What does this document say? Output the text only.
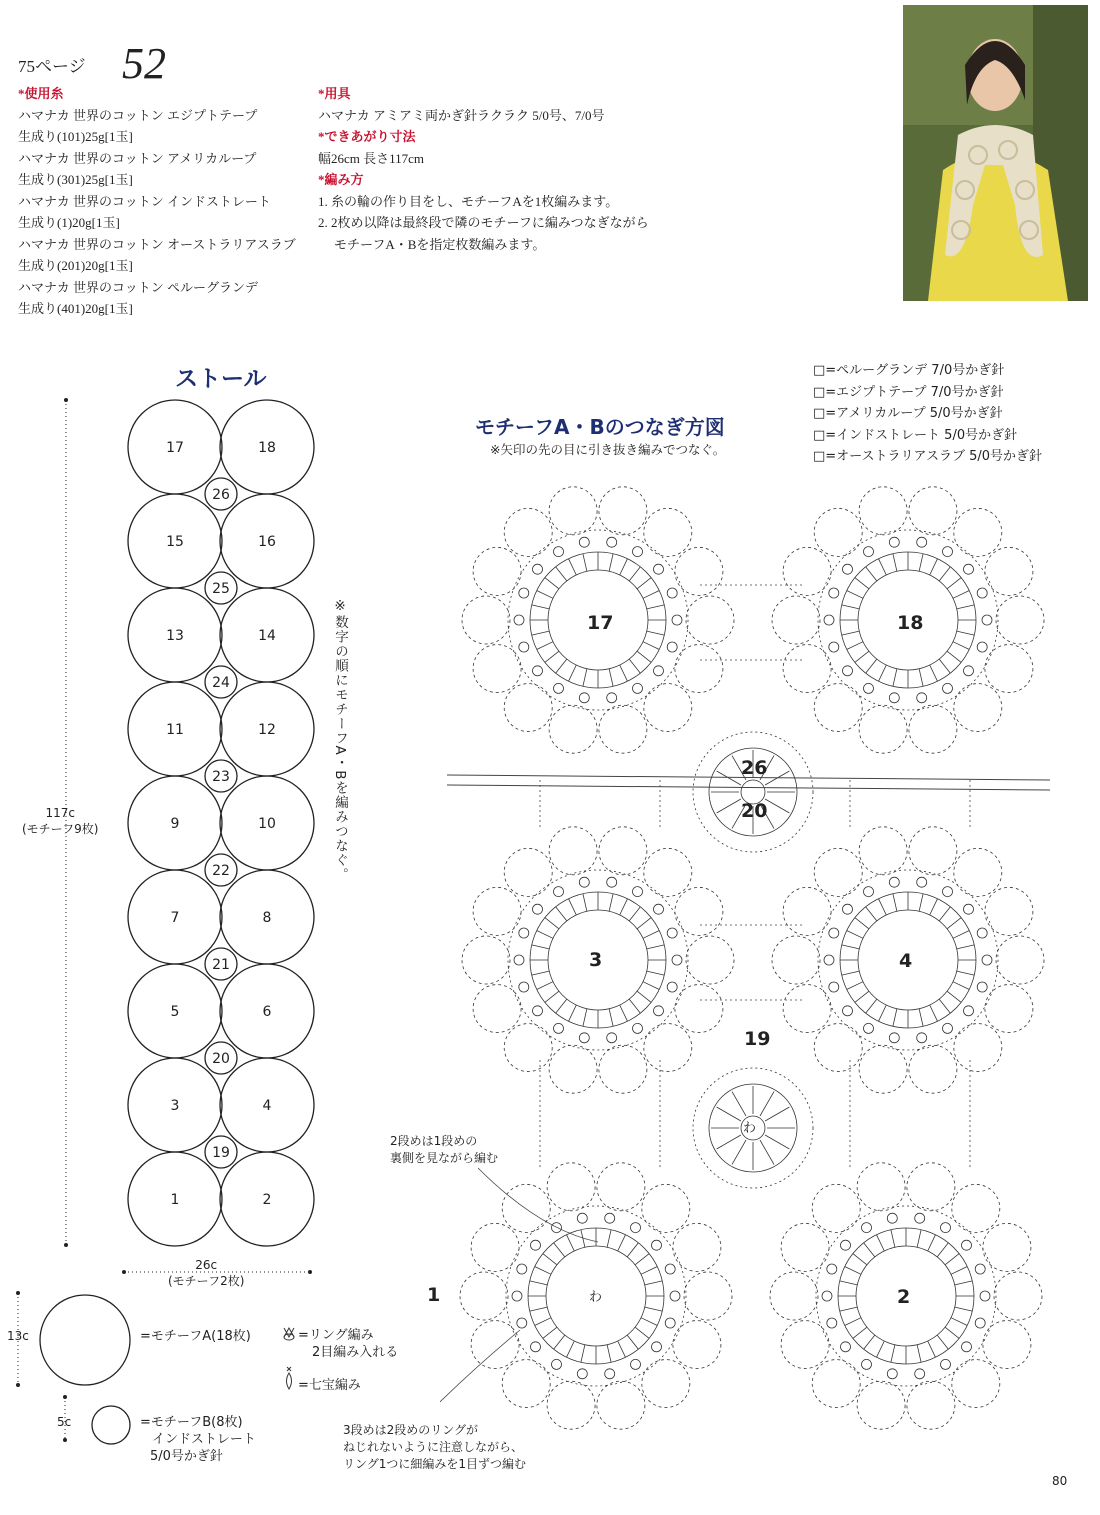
75ページ 52
*使用糸
ハマナカ 世界のコットン エジプトテープ
生成り(101)25g[1玉]
ハマナカ 世界のコットン アメリカループ
生成り(301)25g[1玉]
ハマナカ 世界のコットン インドストレート
生成り(1)20g[1玉]
ハマナカ 世界のコットン オーストラリアスラブ
生成り(201)20g[1玉]
ハマナカ 世界のコットン ペルーグランデ
生成り(401)20g[1玉]
*用具
ハマナカ アミアミ両かぎ針ラクラク 5/0号、7/0号
*できあがり寸法
幅26cm 長さ117cm
*編み方
1. 糸の輪の作り目をし、モチーフAを1枚編みます。
2. 2枚め以降は最終段で隣のモチーフに編みつなぎながら
モチーフA・Bを指定枚数編みます。
ストール
17	18
15	16
13	14
11	12
9	10
7	8
5	6
3	4
1	2
26
25
24
23
22
21
20
19
117c
(モチーフ9枚)
26c
(モチーフ2枚)
※数字の順にモチーフA・Bを編みつなぐ。
13c	=モチーフA(18枚)
5c	=モチーフB(8枚)
インドストレート
5/0号かぎ針
=リング編み
2目編み入れる
=七宝編み
□=ペルーグランデ 7/0号かぎ針
□=エジプトテープ 7/0号かぎ針
□=アメリカループ 5/0号かぎ針
□=インドストレート 5/0号かぎ針
□=オーストラリアスラブ 5/0号かぎ針
モチーフA・Bのつなぎ方図
※矢印の先の目に引き抜き編みでつなぐ。
17	18
26
20
3	4
19
1	2
わ
わ
2段めは1段めの
裏側を見ながら編む
3段めは2段めのリングが
ねじれないように注意しながら、
リング1つに細編みを1目ずつ編む
80
